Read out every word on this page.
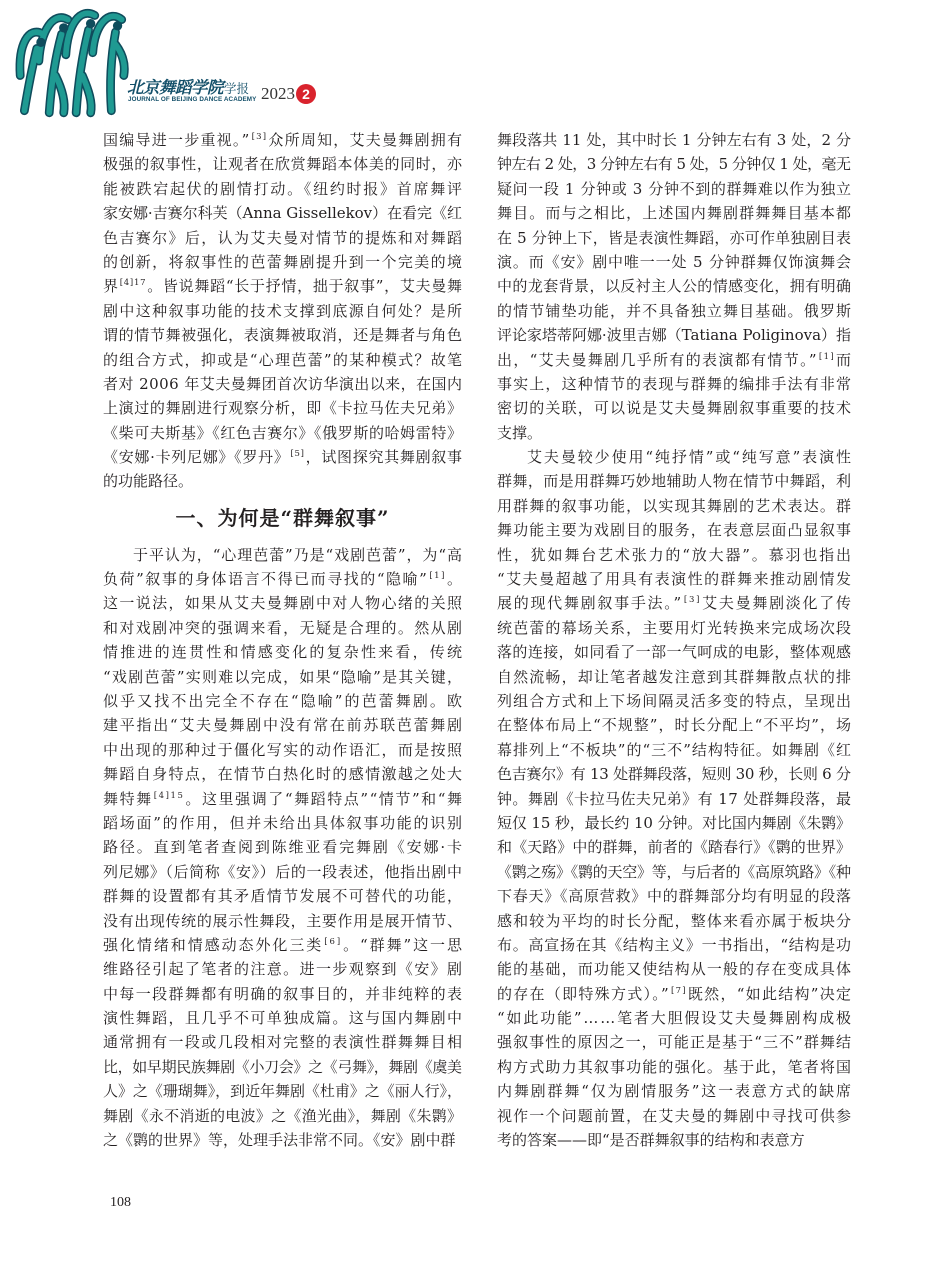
北京舞蹈学院学报
JOURNAL OF BEIJING DANCE ACADEMY 2023 2
国编导进一步重视。”[3]众所周知，艾夫曼舞剧拥有
极强的叙事性，让观者在欣赏舞蹈本体美的同时，亦
能被跌宕起伏的剧情打动。《纽约时报》首席舞评
家安娜·吉赛尔科芙（Anna Gissellekov）在看完《红
色吉赛尔》后，认为艾夫曼对情节的提炼和对舞蹈
的创新，将叙事性的芭蕾舞剧提升到一个完美的境
界$^{[4]17}$。皆说舞蹈“长于抒情，拙于叙事”，艾夫曼舞
剧中这种叙事功能的技术支撑到底源自何处？是所
谓的情节舞被强化，表演舞被取消，还是舞者与角色
的组合方式，抑或是“心理芭蕾”的某种模式？故笔
者对 2006 年艾夫曼舞团首次访华演出以来，在国内
上演过的舞剧进行观察分析，即《卡拉马佐夫兄弟》
《柴可夫斯基》《红色吉赛尔》《俄罗斯的哈姆雷特》
《安娜·卡列尼娜》《罗丹》[5]，试图探究其舞剧叙事
的功能路径。
一、为何是“群舞叙事”
于平认为，“心理芭蕾”乃是“戏剧芭蕾”，为“高
负荷”叙事的身体语言不得已而寻找的“隐喻”[1]。
这一说法，如果从艾夫曼舞剧中对人物心绪的关照
和对戏剧冲突的强调来看，无疑是合理的。然从剧
情推进的连贯性和情感变化的复杂性来看，传统
“戏剧芭蕾”实则难以完成，如果“隐喻”是其关键，
似乎又找不出完全不存在“隐喻”的芭蕾舞剧。欧
建平指出“艾夫曼舞剧中没有常在前苏联芭蕾舞剧
中出现的那种过于僵化写实的动作语汇，而是按照
舞蹈自身特点，在情节白热化时的感情激越之处大
舞特舞$^{[4]15}$。这里强调了“舞蹈特点”“情节”和“舞
蹈场面”的作用，但并未给出具体叙事功能的识别
路径。直到笔者查阅到陈维亚看完舞剧《安娜·卡
列尼娜》（后简称《安》）后的一段表述，他指出剧中
群舞的设置都有其矛盾情节发展不可替代的功能，
没有出现传统的展示性舞段，主要作用是展开情节、
强化情绪和情感动态外化三类[6]。“群舞”这一思
维路径引起了笔者的注意。进一步观察到《安》剧
中每一段群舞都有明确的叙事目的，并非纯粹的表
演性舞蹈，且几乎不可单独成篇。这与国内舞剧中
通常拥有一段或几段相对完整的表演性群舞舞目相
比，如早期民族舞剧《小刀会》之《弓舞》，舞剧《虞美
人》之《珊瑚舞》，到近年舞剧《杜甫》之《丽人行》，
舞剧《永不消逝的电波》之《渔光曲》，舞剧《朱鹮》
之《鹮的世界》等，处理手法非常不同。《安》剧中群
舞段落共 11 处，其中时长 1 分钟左右有 3 处，2 分
钟左右 2 处，3 分钟左右有 5 处，5 分钟仅 1 处，毫无
疑问一段 1 分钟或 3 分钟不到的群舞难以作为独立
舞目。而与之相比，上述国内舞剧群舞舞目基本都
在 5 分钟上下，皆是表演性舞蹈，亦可作单独剧目表
演。而《安》剧中唯一一处 5 分钟群舞仅饰演舞会
中的龙套背景，以反衬主人公的情感变化，拥有明确
的情节铺垫功能，并不具备独立舞目基础。俄罗斯
评论家塔蒂阿娜·波里吉娜（Tatiana Poliginova）指
出，“艾夫曼舞剧几乎所有的表演都有情节。”[1]而
事实上，这种情节的表现与群舞的编排手法有非常
密切的关联，可以说是艾夫曼舞剧叙事重要的技术
支撑。
艾夫曼较少使用“纯抒情”或“纯写意”表演性
群舞，而是用群舞巧妙地辅助人物在情节中舞蹈，利
用群舞的叙事功能，以实现其舞剧的艺术表达。群
舞功能主要为戏剧目的服务，在表意层面凸显叙事
性，犹如舞台艺术张力的“放大器”。慕羽也指出
“艾夫曼超越了用具有表演性的群舞来推动剧情发
展的现代舞剧叙事手法。”[3]艾夫曼舞剧淡化了传
统芭蕾的幕场关系，主要用灯光转换来完成场次段
落的连接，如同看了一部一气呵成的电影，整体观感
自然流畅，却让笔者越发注意到其群舞散点状的排
列组合方式和上下场间隔灵活多变的特点，呈现出
在整体布局上“不规整”，时长分配上“不平均”，场
幕排列上“不板块”的“三不”结构特征。如舞剧《红
色吉赛尔》有 13 处群舞段落，短则 30 秒，长则 6 分
钟。舞剧《卡拉马佐夫兄弟》有 17 处群舞段落，最
短仅 15 秒，最长约 10 分钟。对比国内舞剧《朱鹮》
和《天路》中的群舞，前者的《踏春行》《鹮的世界》
《鹮之殇》《鹮的天空》等，与后者的《高原筑路》《种
下春天》《高原营救》中的群舞部分均有明显的段落
感和较为平均的时长分配，整体来看亦属于板块分
布。高宣扬在其《结构主义》一书指出，“结构是功
能的基础，而功能又使结构从一般的存在变成具体
的存在（即特殊方式）。”[7]既然，“如此结构”决定
“如此功能”……笔者大胆假设艾夫曼舞剧构成极
强叙事性的原因之一，可能正是基于“三不”群舞结
构方式助力其叙事功能的强化。基于此，笔者将国
内舞剧群舞“仅为剧情服务”这一表意方式的缺席
视作一个问题前置，在艾夫曼的舞剧中寻找可供参
考的答案——即“是否群舞叙事的结构和表意方
108
